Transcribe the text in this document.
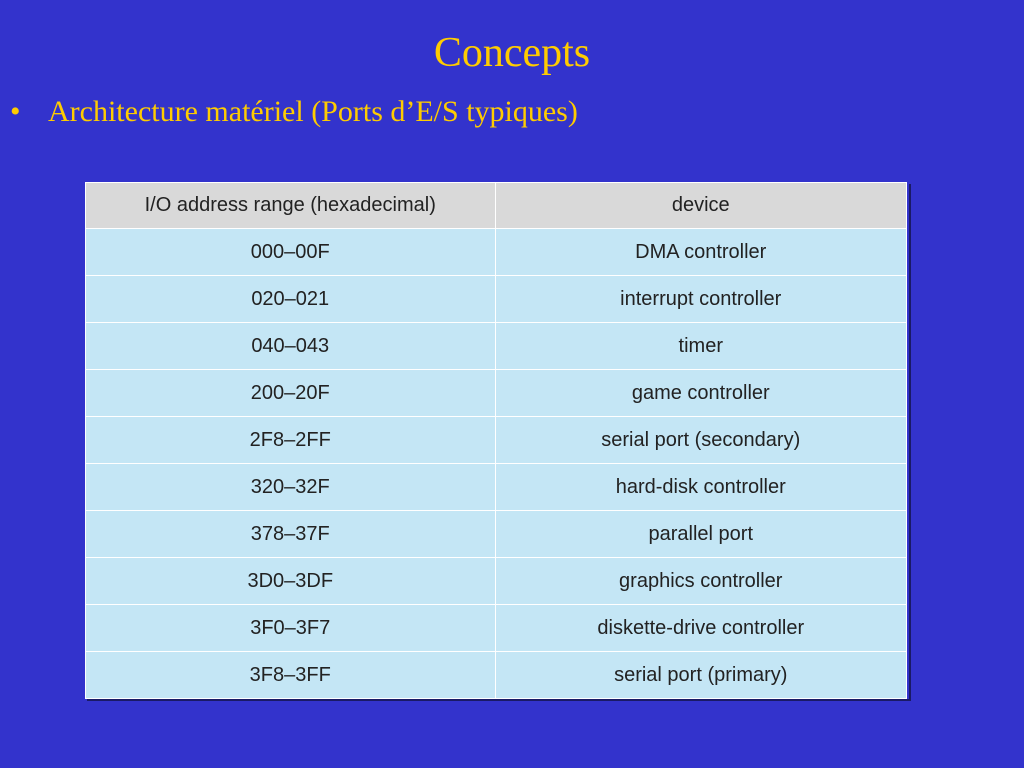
Concepts
• Architecture matériel (Ports d’E/S typiques)
I/O address range (hexadecimal)	device
000–00F	DMA controller
020–021	interrupt controller
040–043	timer
200–20F	game controller
2F8–2FF	serial port (secondary)
320–32F	hard-disk controller
378–37F	parallel port
3D0–3DF	graphics controller
3F0–3F7	diskette-drive controller
3F8–3FF	serial port (primary)
